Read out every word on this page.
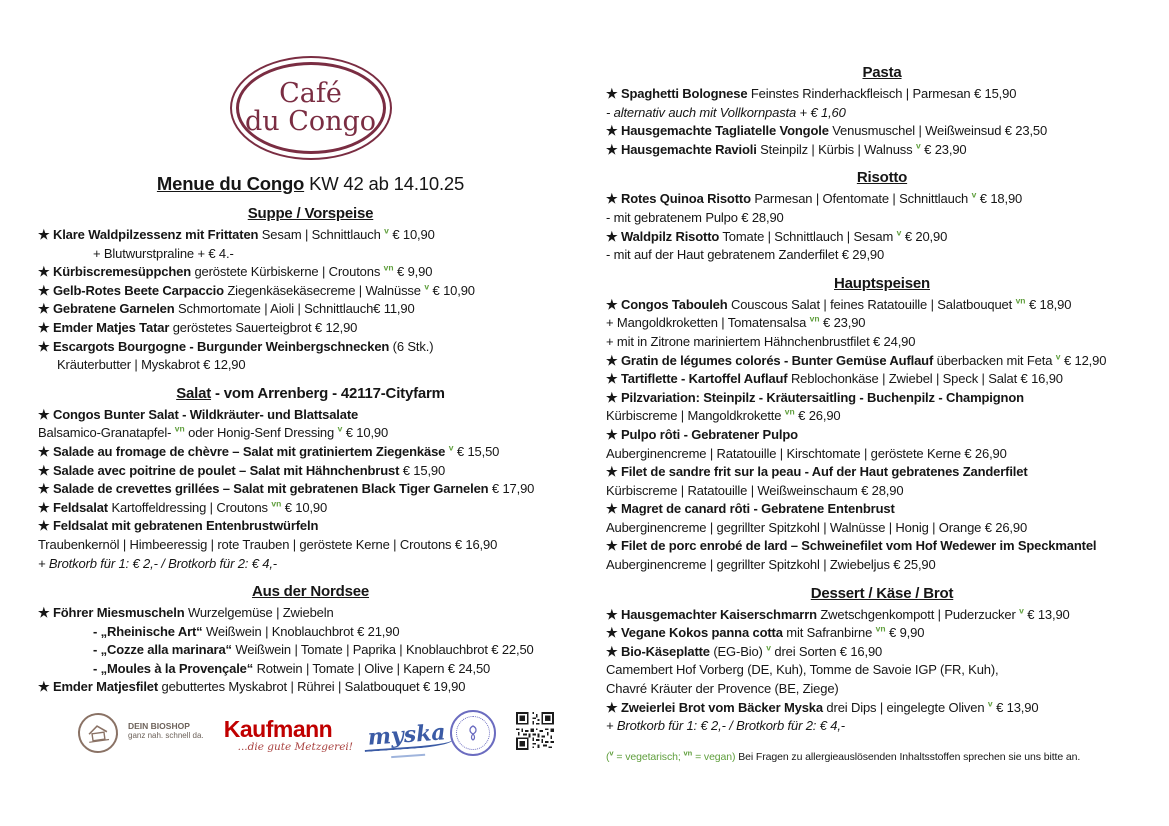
Café
du Congo
Menue du Congo KW 42 ab 14.10.25
Suppe / Vorspeise
★ Klare Waldpilzessenz mit Frittaten Sesam | Schnittlauch $^v$ € 10,90
+ Blutwurstpraline + € 4.-
★ Kürbiscremesüppchen geröstete Kürbiskerne | Croutons $^{vn}$ € 9,90
★ Gelb-Rotes Beete Carpaccio Ziegenkäsekäsecreme | Walnüsse $^v$ € 10,90
★ Gebratene Garnelen Schmortomate | Aioli | Schnittlauch€ 11,90
★ Emder Matjes Tatar geröstetes Sauerteigbrot € 12,90
★ Escargots Bourgogne - Burgunder Weinbergschnecken (6 Stk.)
Kräuterbutter | Myskabrot € 12,90
Salat - vom Arrenberg - 42117-Cityfarm
★ Congos Bunter Salat - Wildkräuter- und Blattsalate
Balsamico-Granatapfel- $^{vn}$ oder Honig-Senf Dressing $^v$ € 10,90
★ Salade au fromage de chèvre – Salat mit gratiniertem Ziegenkäse $^v$ € 15,50
★ Salade avec poitrine de poulet – Salat mit Hähnchenbrust € 15,90
★ Salade de crevettes grillées – Salat mit gebratenen Black Tiger Garnelen € 17,90
★ Feldsalat Kartoffeldressing | Croutons $^{vn}$ € 10,90
★ Feldsalat mit gebratenen Entenbrustwürfeln
Traubenkernöl | Himbeeressig | rote Trauben | geröstete Kerne | Croutons € 16,90
+ Brotkorb für 1: € 2,- / Brotkorb für 2: € 4,-
Aus der Nordsee
★ Föhrer Miesmuscheln Wurzelgemüse | Zwiebeln
- „Rheinische Art“ Weißwein | Knoblauchbrot € 21,90
- „Cozze alla marinara“ Weißwein | Tomate | Paprika | Knoblauchbrot € 22,50
- „Moules à la Provençale“ Rotwein | Tomate | Olive | Kapern € 24,50
★ Emder Matjesfilet gebuttertes Myskabrot | Rührei | Salatbouquet € 19,90
DEIN BIOSHOP
ganz nah. schnell da. Kaufmann
...die gute Metzgerei! myska
Pasta
★ Spaghetti Bolognese Feinstes Rinderhackfleisch | Parmesan € 15,90
- alternativ auch mit Vollkornpasta + € 1,60
★ Hausgemachte Tagliatelle Vongole Venusmuschel | Weißweinsud € 23,50
★ Hausgemachte Ravioli Steinpilz | Kürbis | Walnuss $^v$ € 23,90
Risotto
★ Rotes Quinoa Risotto Parmesan | Ofentomate | Schnittlauch $^v$ € 18,90
- mit gebratenem Pulpo € 28,90
★ Waldpilz Risotto Tomate | Schnittlauch | Sesam $^v$ € 20,90
- mit auf der Haut gebratenem Zanderfilet € 29,90
Hauptspeisen
★ Congos Tabouleh Couscous Salat | feines Ratatouille | Salatbouquet $^{vn}$ € 18,90
+ Mangoldkroketten | Tomatensalsa $^{vn}$ € 23,90
+ mit in Zitrone mariniertem Hähnchenbrustfilet € 24,90
★ Gratin de légumes colorés - Bunter Gemüse Auflauf überbacken mit Feta $^v$ € 12,90
★ Tartiflette - Kartoffel Auflauf Reblochonkäse | Zwiebel | Speck | Salat € 16,90
★ Pilzvariation: Steinpilz - Kräutersaitling - Buchenpilz - Champignon
Kürbiscreme | Mangoldkrokette $^{vn}$ € 26,90
★ Pulpo rôti - Gebratener Pulpo
Auberginencreme | Ratatouille | Kirschtomate | geröstete Kerne € 26,90
★ Filet de sandre frit sur la peau - Auf der Haut gebratenes Zanderfilet
Kürbiscreme | Ratatouille | Weißweinschaum € 28,90
★ Magret de canard rôti - Gebratene Entenbrust
Auberginencreme | gegrillter Spitzkohl | Walnüsse | Honig | Orange € 26,90
★ Filet de porc enrobé de lard – Schweinefilet vom Hof Wedewer im Speckmantel
Auberginencreme | gegrillter Spitzkohl | Zwiebeljus € 25,90
Dessert / Käse / Brot
★ Hausgemachter Kaiserschmarrn Zwetschgenkompott | Puderzucker $^v$ € 13,90
★ Vegane Kokos panna cotta mit Safranbirne $^{vn}$ € 9,90
★ Bio-Käseplatte (EG-Bio) $^v$ drei Sorten € 16,90
Camembert Hof Vorberg (DE, Kuh), Tomme de Savoie IGP (FR, Kuh),
Chavré Kräuter der Provence (BE, Ziege)
★ Zweierlei Brot vom Bäcker Myska drei Dips | eingelegte Oliven $^v$ € 13,90
+ Brotkorb für 1: € 2,- / Brotkorb für 2: € 4,-
($^v$ = vegetarisch; $^{vn}$ = vegan) Bei Fragen zu allergieauslösenden Inhaltsstoffen sprechen sie uns bitte an.
